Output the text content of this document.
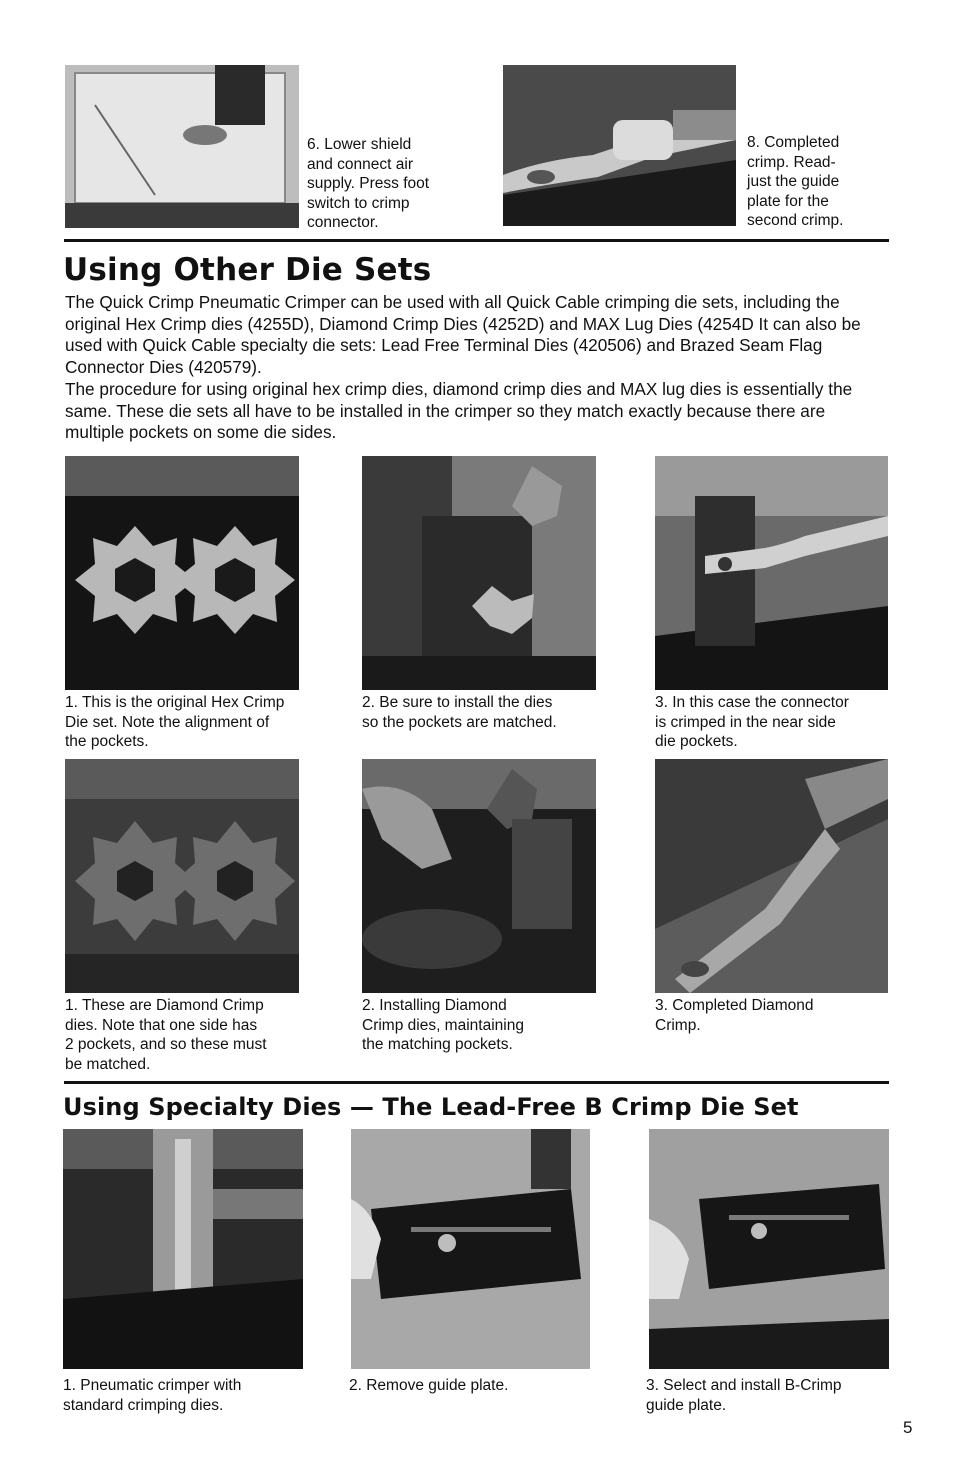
6. Lower shield
and connect air
supply. Press foot
switch to crimp
connector.
8. Completed
crimp. Read-
just the guide
plate for the
second crimp.
Using Other Die Sets

The Quick Crimp Pneumatic Crimper can be used with all Quick Cable crimping die sets, including the original Hex Crimp dies (4255D), Diamond Crimp Dies (4252D) and MAX Lug Dies (4254D It can also be used with Quick Cable specialty die sets: Lead Free Terminal Dies (420506) and Brazed Seam Flag Connector Dies (420579).

The procedure for using original hex crimp dies, diamond crimp dies and MAX lug dies is essentially the same. These die sets all have to be installed in the crimper so they match exactly because there are multiple pockets on some die sides.

1. This is the original Hex Crimp
Die set. Note the alignment of
the pockets.
2. Be sure to install the dies
so the pockets are matched.
3. In this case the connector
is crimped in the near side
die pockets.
1. These are Diamond Crimp
dies. Note that one side has
2 pockets, and so these must
be matched.
2. Installing Diamond
Crimp dies, maintaining
the matching pockets.
3. Completed Diamond
Crimp.
Using Specialty Dies — The Lead-Free B Crimp Die Set
1. Pneumatic crimper with
standard crimping dies.
2. Remove guide plate.	3. Select and install B-Crimp
guide plate.
5
